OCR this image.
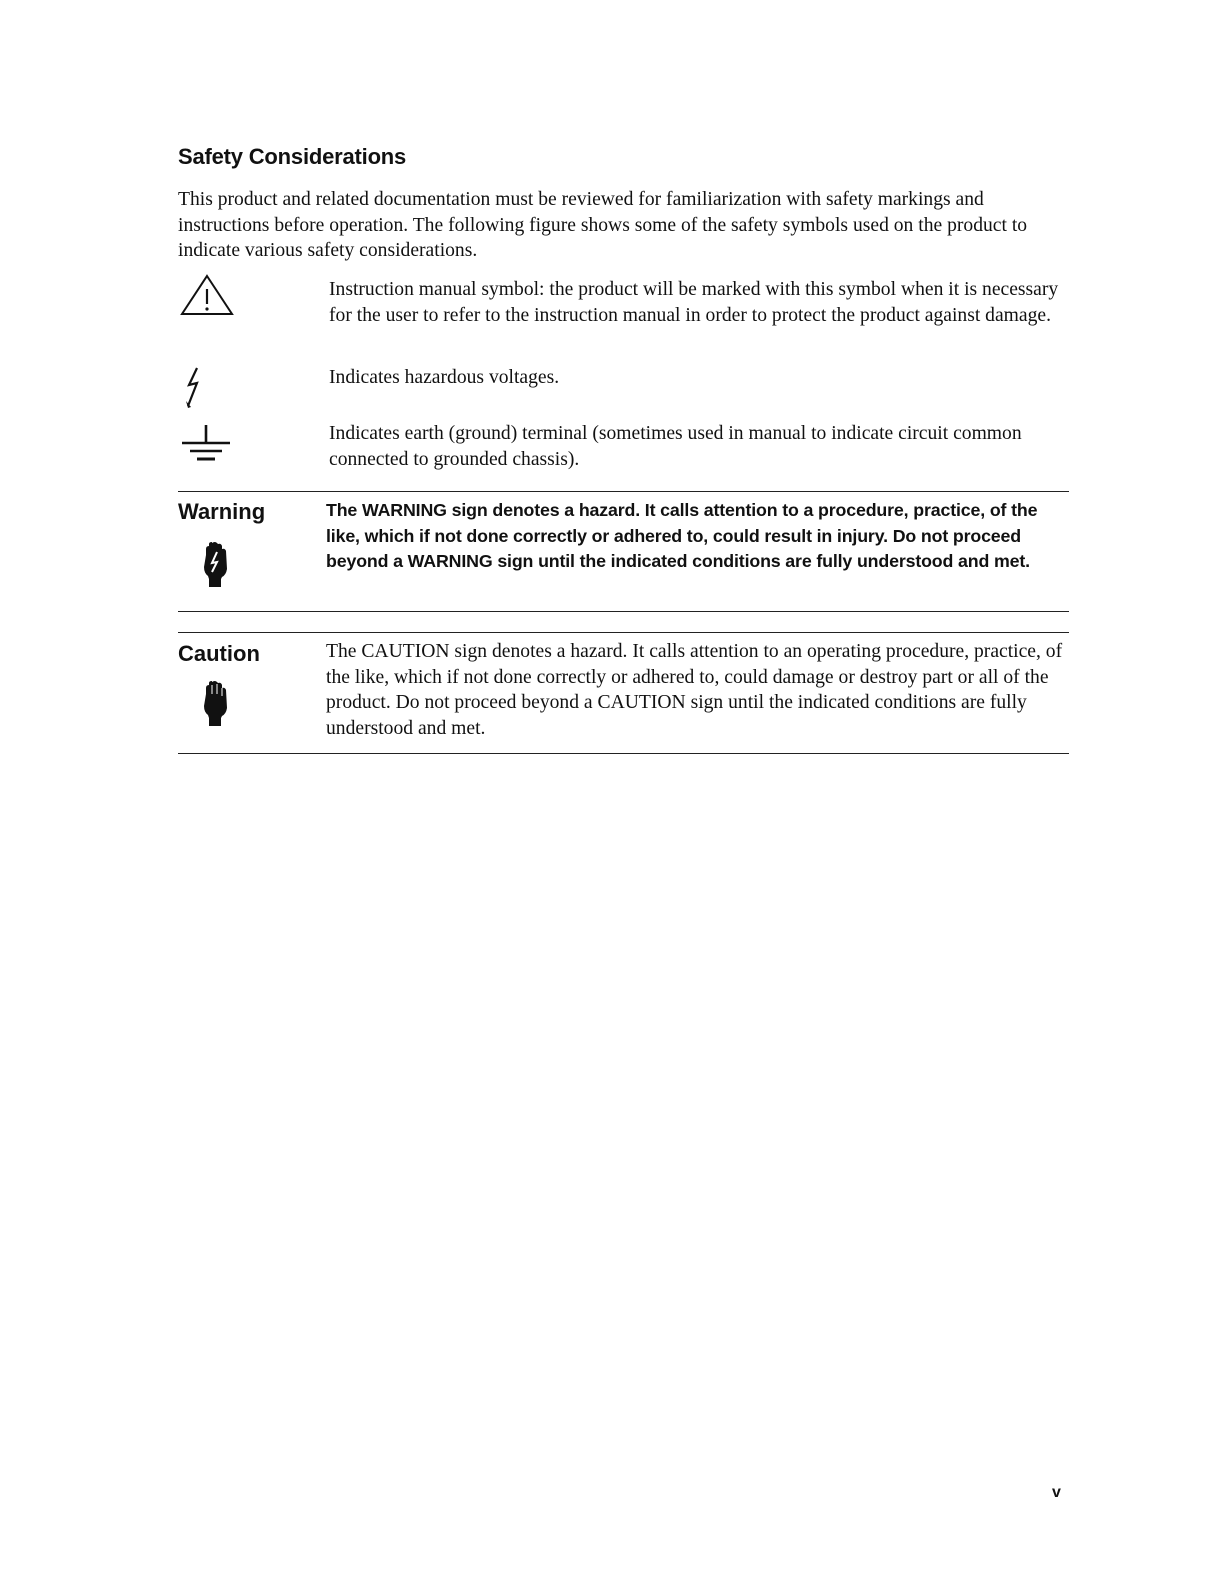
Safety Considerations

This product and related documentation must be reviewed for familiarization with safety markings and instructions before operation. The following figure shows some of the safety symbols used on the product to indicate various safety considerations.

Instruction manual symbol: the product will be marked with this symbol when it is necessary for the user to refer to the instruction manual in order to protect the product against damage.

Indicates hazardous voltages.

Indicates earth (ground) terminal (sometimes used in manual to indicate circuit common connected to grounded chassis).

Warning	The WARNING sign denotes a hazard. It calls attention to a procedure, practice, of the like, which if not done correctly or adhered to, could result in injury. Do not proceed beyond a WARNING sign until the indicated conditions are fully understood and met.

Caution	The CAUTION sign denotes a hazard. It calls attention to an operating procedure, practice, of the like, which if not done correctly or adhered to, could damage or destroy part or all of the product. Do not proceed beyond a CAUTION sign until the indicated conditions are fully understood and met.

v
